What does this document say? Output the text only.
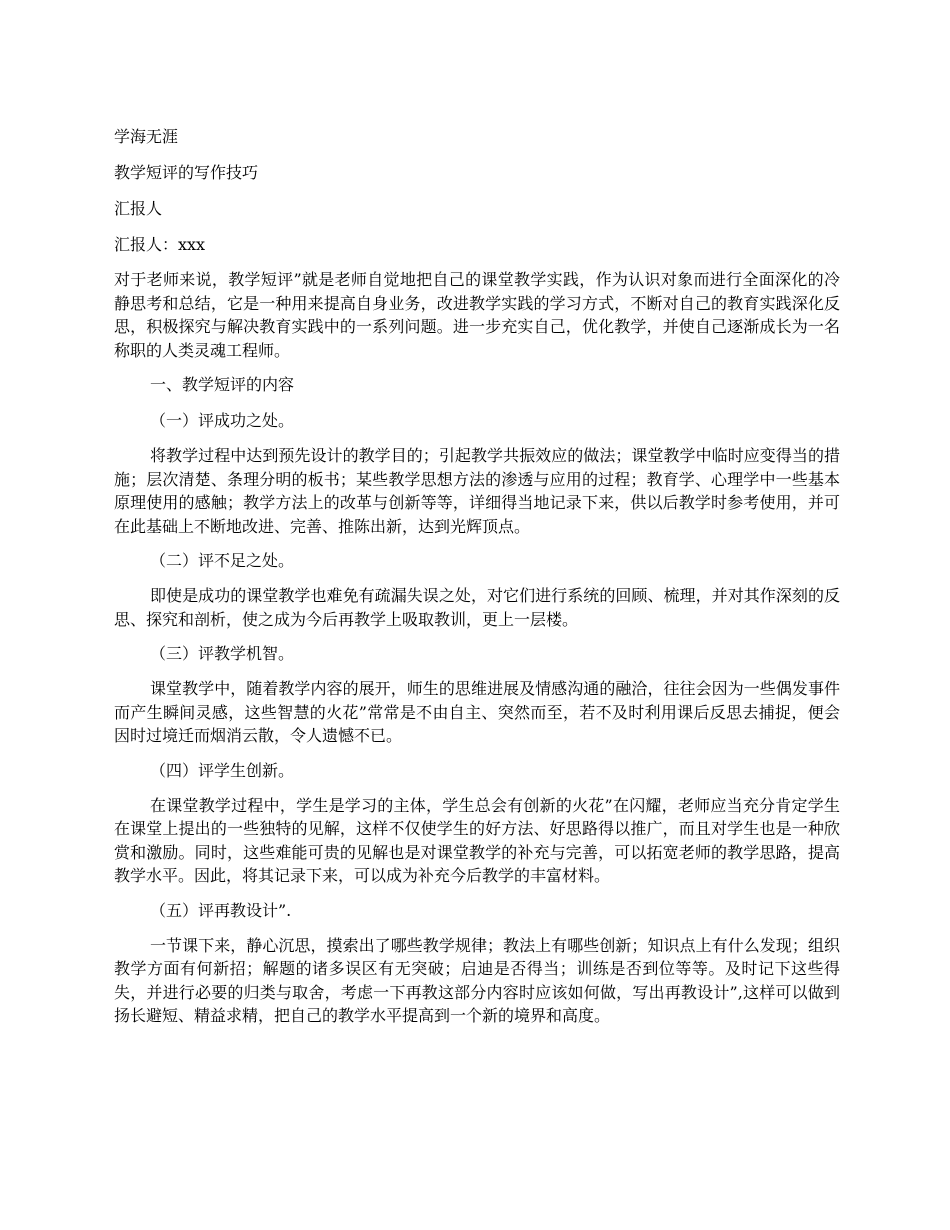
学海无涯
教学短评的写作技巧
汇报人
汇报人：xxx
对于老师来说，教学短评”就是老师自觉地把自己的课堂教学实践，作为认识对象而进行全面深化的冷静思考和总结，它是一种用来提高自身业务，改进教学实践的学习方式，不断对自己的教育实践深化反思，积极探究与解决教育实践中的一系列问题。进一步充实自己，优化教学，并使自己逐渐成长为一名称职的人类灵魂工程师。
一、教学短评的内容
（一）评成功之处。
将教学过程中达到预先设计的教学目的；引起教学共振效应的做法；课堂教学中临时应变得当的措施；层次清楚、条理分明的板书；某些教学思想方法的渗透与应用的过程；教育学、心理学中一些基本原理使用的感触；教学方法上的改革与创新等等，详细得当地记录下来，供以后教学时参考使用，并可在此基础上不断地改进、完善、推陈出新，达到光辉顶点。
（二）评不足之处。
即使是成功的课堂教学也难免有疏漏失误之处，对它们进行系统的回顾、梳理，并对其作深刻的反思、探究和剖析，使之成为今后再教学上吸取教训，更上一层楼。
（三）评教学机智。
课堂教学中，随着教学内容的展开，师生的思维进展及情感沟通的融洽，往往会因为一些偶发事件而产生瞬间灵感，这些智慧的火花”常常是不由自主、突然而至，若不及时利用课后反思去捕捉，便会因时过境迁而烟消云散，令人遗憾不已。
（四）评学生创新。
在课堂教学过程中，学生是学习的主体，学生总会有创新的火花”在闪耀，老师应当充分肯定学生在课堂上提出的一些独特的见解，这样不仅使学生的好方法、好思路得以推广，而且对学生也是一种欣赏和激励。同时，这些难能可贵的见解也是对课堂教学的补充与完善，可以拓宽老师的教学思路，提高教学水平。因此，将其记录下来，可以成为补充今后教学的丰富材料。
（五）评再教设计”.
一节课下来，静心沉思，摸索出了哪些教学规律；教法上有哪些创新；知识点上有什么发现；组织教学方面有何新招；解题的诸多误区有无突破；启迪是否得当；训练是否到位等等。及时记下这些得失，并进行必要的归类与取舍，考虑一下再教这部分内容时应该如何做，写出再教设计”,这样可以做到扬长避短、精益求精，把自己的教学水平提高到一个新的境界和高度。
